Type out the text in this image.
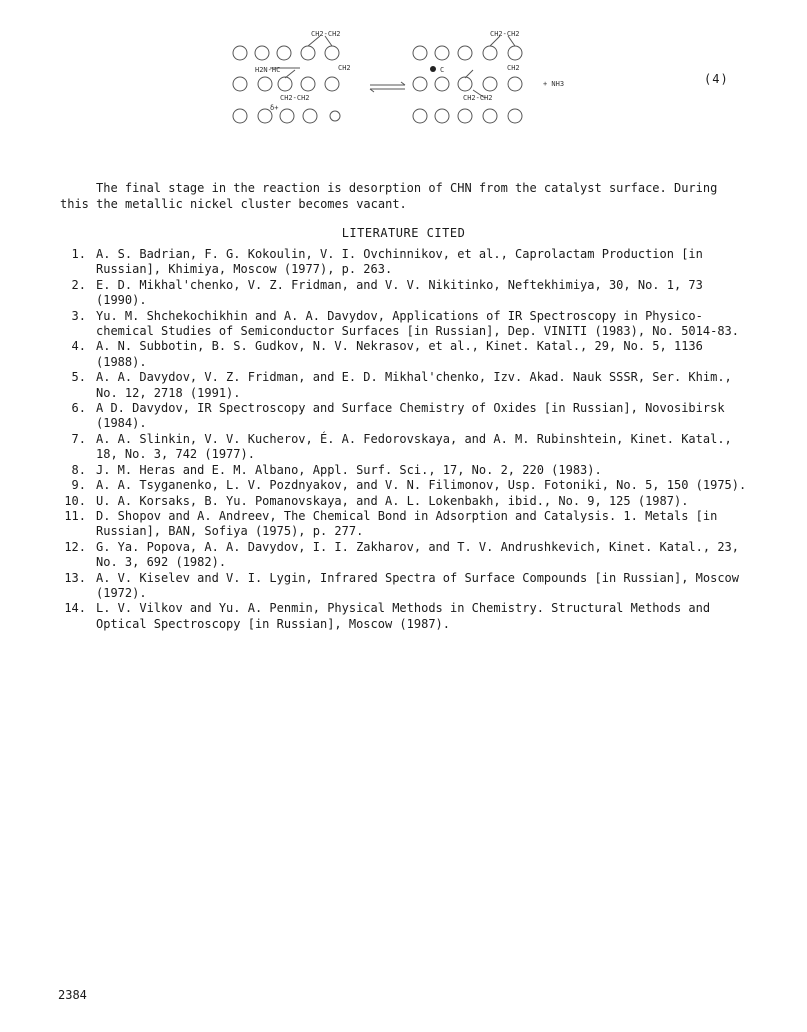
CH2-CH2
H2N-HC	CH2
CH2-CH2
δ+
CH2-CH2
C	CH2
CH2-CH2
+ NH3	(4)
The final stage in the reaction is desorption of CHN from the catalyst surface. During
this the metallic nickel cluster becomes vacant.
LITERATURE CITED
1. A. S. Badrian, F. G. Kokoulin, V. I. Ovchinnikov, et al., Caprolactam Production [in Russian], Khimiya, Moscow (1977), p. 263.
2. E. D. Mikhal'chenko, V. Z. Fridman, and V. V. Nikitinko, Neftekhimiya, 30, No. 1, 73 (1990).
3. Yu. M. Shchekochikhin and A. A. Davydov, Applications of IR Spectroscopy in Physico-chemical Studies of Semiconductor Surfaces [in Russian], Dep. VINITI (1983), No. 5014-83.
4. A. N. Subbotin, B. S. Gudkov, N. V. Nekrasov, et al., Kinet. Katal., 29, No. 5, 1136 (1988).
5. A. A. Davydov, V. Z. Fridman, and E. D. Mikhal'chenko, Izv. Akad. Nauk SSSR, Ser. Khim., No. 12, 2718 (1991).
6. A D. Davydov, IR Spectroscopy and Surface Chemistry of Oxides [in Russian], Novosibirsk (1984).
7. A. A. Slinkin, V. V. Kucherov, É. A. Fedorovskaya, and A. M. Rubinshtein, Kinet. Katal., 18, No. 3, 742 (1977).
8. J. M. Heras and E. M. Albano, Appl. Surf. Sci., 17, No. 2, 220 (1983).
9. A. A. Tsyganenko, L. V. Pozdnyakov, and V. N. Filimonov, Usp. Fotoniki, No. 5, 150 (1975).
10. U. A. Korsaks, B. Yu. Pomanovskaya, and A. L. Lokenbakh, ibid., No. 9, 125 (1987).
11. D. Shopov and A. Andreev, The Chemical Bond in Adsorption and Catalysis. 1. Metals [in Russian], BAN, Sofiya (1975), p. 277.
12. G. Ya. Popova, A. A. Davydov, I. I. Zakharov, and T. V. Andrushkevich, Kinet. Katal., 23, No. 3, 692 (1982).
13. A. V. Kiselev and V. I. Lygin, Infrared Spectra of Surface Compounds [in Russian], Moscow (1972).
14. L. V. Vilkov and Yu. A. Penmin, Physical Methods in Chemistry. Structural Methods and Optical Spectroscopy [in Russian], Moscow (1987).
2384
